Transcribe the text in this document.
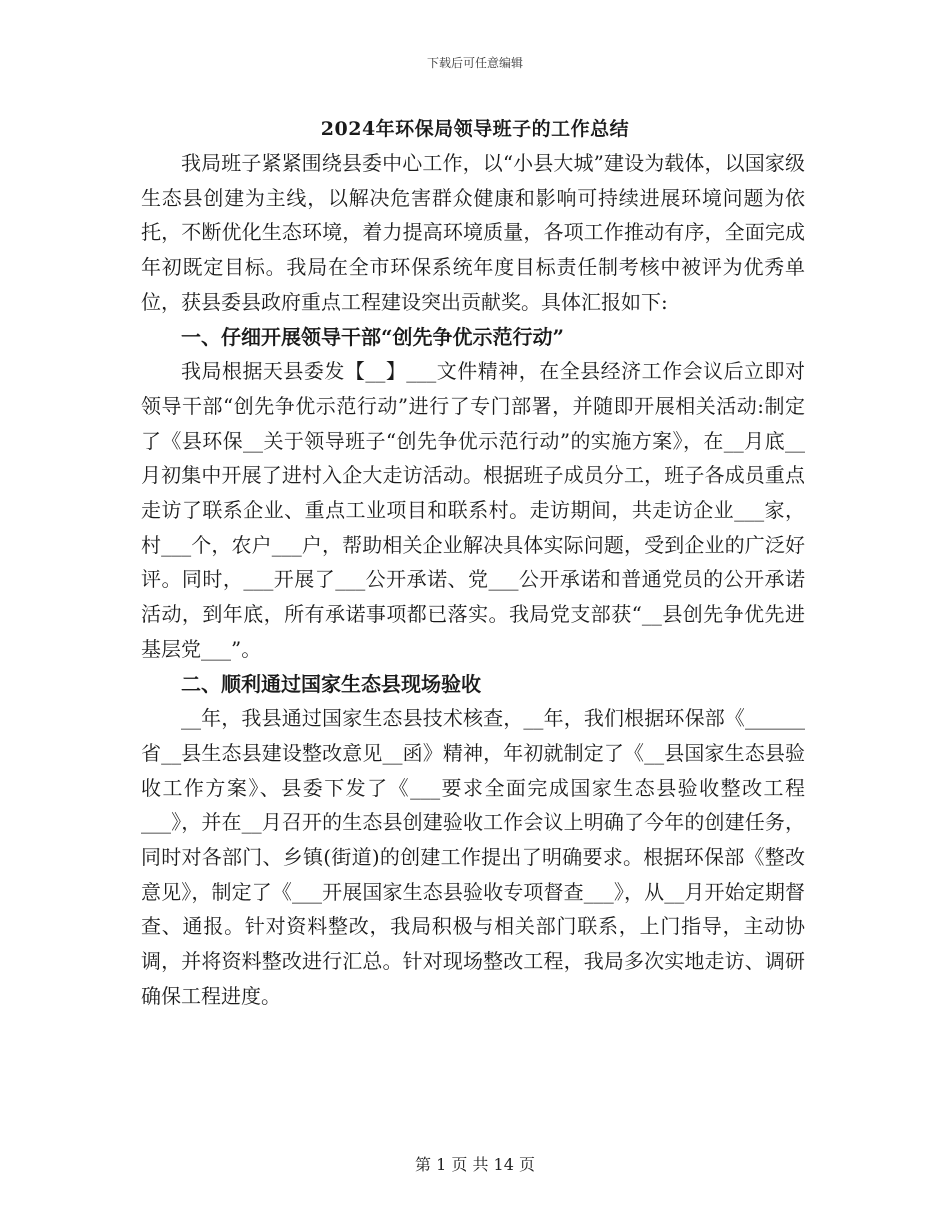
下载后可任意编辑
2024年环保局领导班子的工作总结

我局班子紧紧围绕县委中心工作，以“小县大城”建设为载体，以国家级生态县创建为主线，以解决危害群众健康和影响可持续进展环境问题为依托，不断优化生态环境，着力提高环境质量，各项工作推动有序，全面完成年初既定目标。我局在全市环保系统年度目标责任制考核中被评为优秀单位，获县委县政府重点工程建设突出贡献奖。具体汇报如下:

一、仔细开展领导干部“创先争优示范行动”

我局根据天县委发【__】___文件精神，在全县经济工作会议后立即对领导干部“创先争优示范行动”进行了专门部署，并随即开展相关活动:制定了《县环保__关于领导班子“创先争优示范行动”的实施方案》，在__月底__月初集中开展了进村入企大走访活动。根据班子成员分工，班子各成员重点走访了联系企业、重点工业项目和联系村。走访期间，共走访企业___家，村___个，农户___户，帮助相关企业解决具体实际问题，受到企业的广泛好评。同时，___开展了___公开承诺、党___公开承诺和普通党员的公开承诺活动，到年底，所有承诺事项都已落实。我局党支部获“__县创先争优先进基层党___”。

二、顺利通过国家生态县现场验收

__年，我县通过国家生态县技术核查，__年，我们根据环保部《______省__县生态县建设整改意见__函》精神，年初就制定了《__县国家生态县验收工作方案》、县委下发了《___要求全面完成国家生态县验收整改工程___》，并在__月召开的生态县创建验收工作会议上明确了今年的创建任务，同时对各部门、乡镇(街道)的创建工作提出了明确要求。根据环保部《整改意见》，制定了《___开展国家生态县验收专项督查___》，从__月开始定期督查、通报。针对资料整改，我局积极与相关部门联系，上门指导，主动协调，并将资料整改进行汇总。针对现场整改工程，我局多次实地走访、调研确保工程进度。

第 1 页 共 14 页
